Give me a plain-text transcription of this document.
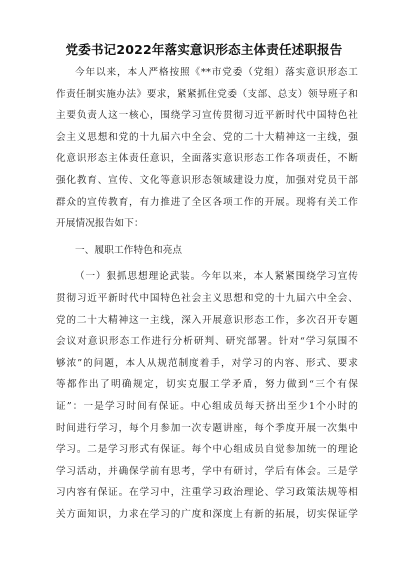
党委书记2022年落实意识形态主体责任述职报告
今年以来，本人严格按照《**市党委（党组）落实意识形态工
作责任制实施办法》要求，紧紧抓住党委（支部、总支）领导班子和
主要负责人这一核心，围绕学习宣传贯彻习近平新时代中国特色社
会主义思想和党的十九届六中全会、党的二十大精神这一主线，强
化意识形态主体责任意识，全面落实意识形态工作各项责任，不断
强化教育、宣传、文化等意识形态领域建设力度，加强对党员干部
群众的宣传教育，有力推进了全区各项工作的开展。现将有关工作
开展情况报告如下：
一、履职工作特色和亮点
（一）狠抓思想理论武装。今年以来，本人紧紧围绕学习宣传
贯彻习近平新时代中国特色社会主义思想和党的十九届六中全会、
党的二十大精神这一主线，深入开展意识形态工作，多次召开专题
会议对意识形态工作进行分析研判、研究部署。针对“学习氛围不
够浓”的问题，本人从规范制度着手，对学习的内容、形式、要求
等都作出了明确规定，切实克服工学矛盾，努力做到“三个有保
证”：一是学习时间有保证。中心组成员每天挤出至少1个小时的
时间进行学习，每个月参加一次专题讲座，每个季度开展一次集中
学习。二是学习形式有保证。每个中心组成员自觉参加统一的理论
学习活动，并确保学前有思考，学中有研讨，学后有体会。三是学
习内容有保证。在学习中，注重学习政治理论、学习政策法规等相
关方面知识，力求在学习的广度和深度上有新的拓展，切实保证学
